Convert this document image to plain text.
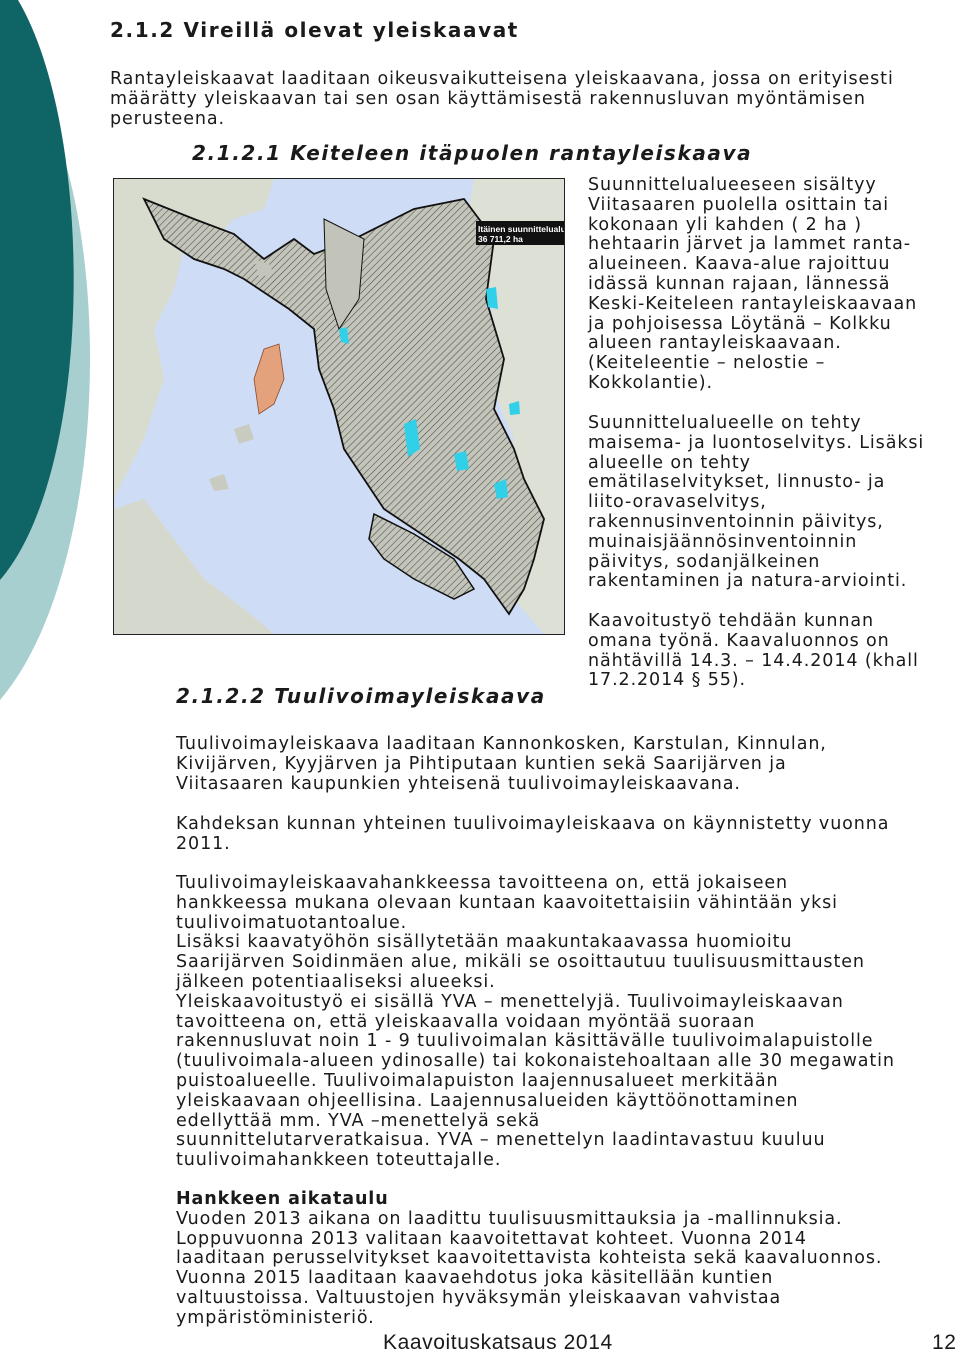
2.1.2 Vireillä olevat yleiskaavat
Rantayleiskaavat laaditaan oikeusvaikutteisena yleiskaavana, jossa on erityisesti
määrätty yleiskaavan tai sen osan käyttämisestä rakennusluvan myöntämisen
perusteena.
2.1.2.1 Keiteleen itäpuolen rantayleiskaava
Itäinen suunnittelualue
36 711,2 ha
Suunnittelualueeseen sisältyy
Viitasaaren puolella osittain tai
kokonaan yli kahden ( 2 ha )
hehtaarin järvet ja lammet ranta-
alueineen. Kaava-alue rajoittuu
idässä kunnan rajaan, lännessä
Keski-Keiteleen rantayleiskaavaan
ja pohjoisessa Löytänä – Kolkku
alueen rantayleiskaavaan.
(Keiteleentie – nelostie –
Kokkolantie).
Suunnittelualueelle on tehty
maisema- ja luontoselvitys. Lisäksi
alueelle on tehty
emätilaselvitykset, linnusto- ja
liito-oravaselvitys,
rakennusinventoinnin päivitys,
muinaisjäännösinventoinnin
päivitys, sodanjälkeinen
rakentaminen ja natura-arviointi.
Kaavoitustyö tehdään kunnan
omana työnä. Kaavaluonnos on
nähtävillä 14.3. – 14.4.2014 (khall
17.2.2014 § 55).
2.1.2.2 Tuulivoimayleiskaava
Tuulivoimayleiskaava laaditaan Kannonkosken, Karstulan, Kinnulan,
Kivijärven, Kyyjärven ja Pihtiputaan kuntien sekä Saarijärven ja
Viitasaaren kaupunkien yhteisenä tuulivoimayleiskaavana.
Kahdeksan kunnan yhteinen tuulivoimayleiskaava on käynnistetty vuonna
2011.
Tuulivoimayleiskaavahankkeessa tavoitteena on, että jokaiseen
hankkeessa mukana olevaan kuntaan kaavoitettaisiin vähintään yksi
tuulivoimatuotantoalue.
Lisäksi kaavatyöhön sisällytetään maakuntakaavassa huomioitu
Saarijärven Soidinmäen alue, mikäli se osoittautuu tuulisuusmittausten
jälkeen potentiaaliseksi alueeksi.
Yleiskaavoitustyö ei sisällä YVA – menettelyjä. Tuulivoimayleiskaavan
tavoitteena on, että yleiskaavalla voidaan myöntää suoraan
rakennusluvat noin 1 - 9 tuulivoimalan käsittävälle tuulivoimalapuistolle
(tuulivoimala-alueen ydinosalle) tai kokonaistehoaltaan alle 30 megawatin
puistoalueelle. Tuulivoimalapuiston laajennusalueet merkitään
yleiskaavaan ohjeellisina. Laajennusalueiden käyttöönottaminen
edellyttää mm. YVA –menettelyä sekä
suunnittelutarveratkaisua. YVA – menettelyn laadintavastuu kuuluu
tuulivoimahankkeen toteuttajalle.
Hankkeen aikataulu
Vuoden 2013 aikana on laadittu tuulisuusmittauksia ja -mallinnuksia.
Loppuvuonna 2013 valitaan kaavoitettavat kohteet. Vuonna 2014
laaditaan perusselvitykset kaavoitettavista kohteista sekä kaavaluonnos.
Vuonna 2015 laaditaan kaavaehdotus joka käsitellään kuntien
valtuustoissa. Valtuustojen hyväksymän yleiskaavan vahvistaa
ympäristöministeriö.
Kaavoituskatsaus 2014	12
